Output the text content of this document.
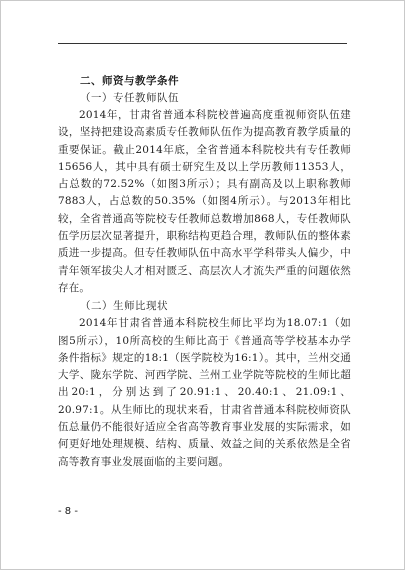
二、师资与教学条件

（一）专任教师队伍

2014年，甘肃省普通本科院校普遍高度重视师资队伍建设，坚持把建设高素质专任教师队伍作为提高教育教学质量的重要保证。截止2014年底，全省普通本科院校共有专任教师15656人，其中具有硕士研究生及以上学历教师11353人，占总数的72.52%（如图3所示）；具有副高及以上职称教师7883人，占总数的50.35%（如图4所示）。与2013年相比较，全省普通高等院校专任教师总数增加868人，专任教师队伍学历层次显著提升，职称结构更趋合理，教师队伍的整体素质进一步提高。但专任教师队伍中高水平学科带头人偏少，中青年领军拔尖人才相对匮乏、高层次人才流失严重的问题依然存在。

（二）生师比现状

2014年甘肃省普通本科院校生师比平均为18.07:1（如图5所示），10所高校的生师比高于《普通高等学校基本办学条件指标》规定的18:1（医学院校为16:1）。其中，兰州交通大学、陇东学院、河西学院、兰州工业学院等院校的生师比超出20:1，分别达到了20.91:1、20.40:1、21.09:1、20.97:1。从生师比的现状来看，甘肃省普通本科院校师资队伍总量仍不能很好适应全省高等教育事业发展的实际需求，如何更好地处理规模、结构、质量、效益之间的关系依然是全省高等教育事业发展面临的主要问题。

- 8 -
